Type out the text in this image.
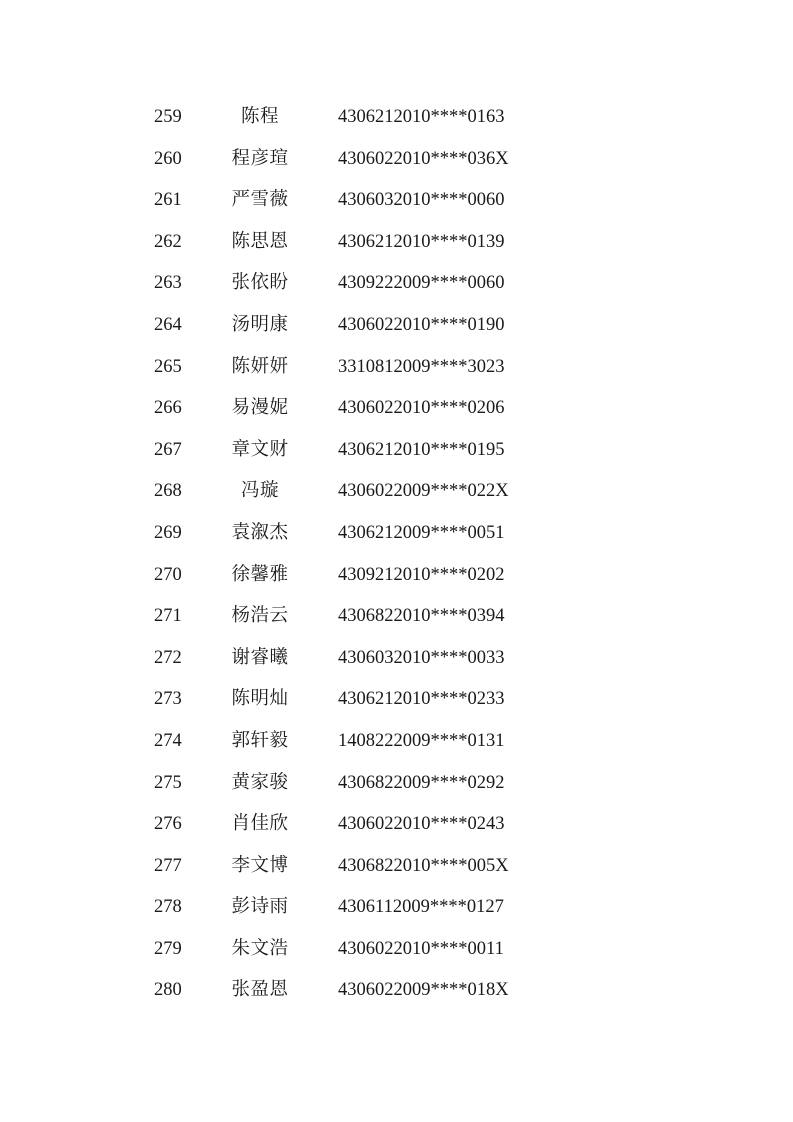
259	陈程	4306212010****0163
260	程彦瑄	4306022010****036X
261	严雪薇	4306032010****0060
262	陈思恩	4306212010****0139
263	张依盼	4309222009****0060
264	汤明康	4306022010****0190
265	陈妍妍	3310812009****3023
266	易漫妮	4306022010****0206
267	章文财	4306212010****0195
268	冯璇	4306022009****022X
269	袁溆杰	4306212009****0051
270	徐馨雅	4309212010****0202
271	杨浩云	4306822010****0394
272	谢睿曦	4306032010****0033
273	陈明灿	4306212010****0233
274	郭轩毅	1408222009****0131
275	黄家骏	4306822009****0292
276	肖佳欣	4306022010****0243
277	李文博	4306822010****005X
278	彭诗雨	4306112009****0127
279	朱文浩	4306022010****0011
280	张盈恩	4306022009****018X
